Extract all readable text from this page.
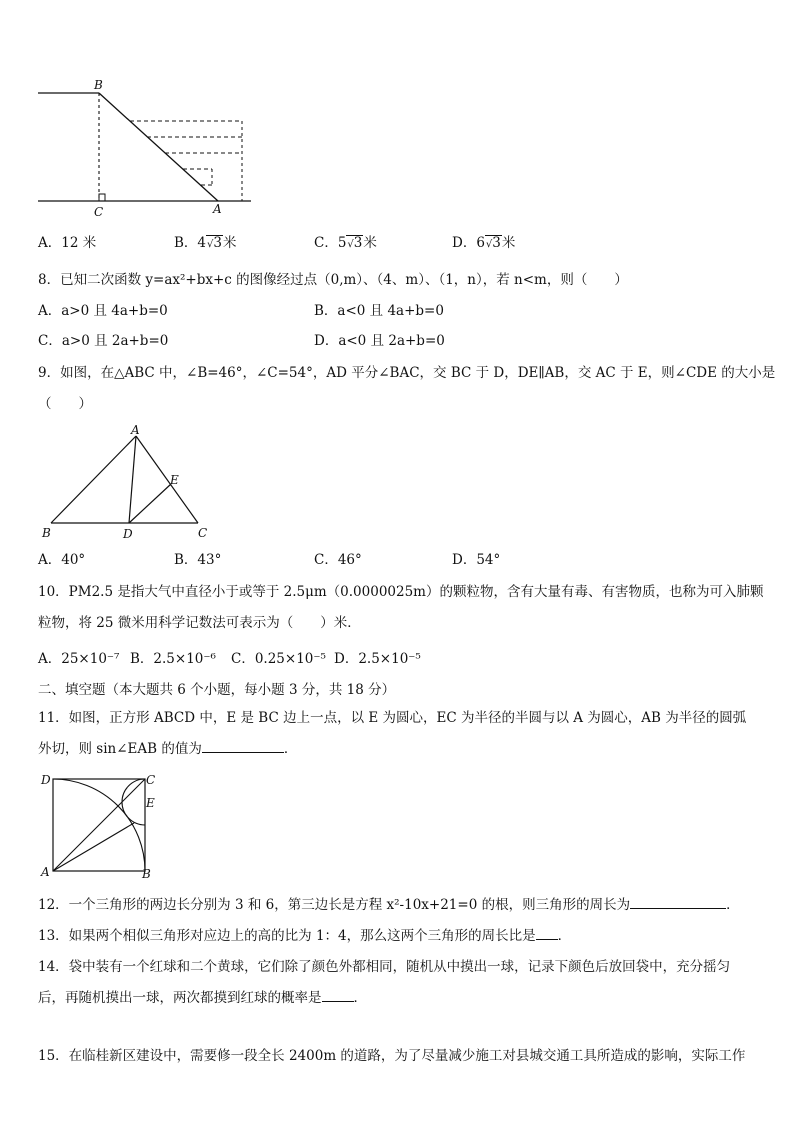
B
C	A
A．12 米	B．4√3米	C．5√3米	D．6√3米
8．已知二次函数 y=ax²+bx+c 的图像经过点（0,m）、（4、m）、（1，n），若 n<m，则（　　）
A．a>0 且 4a+b=0	B．a<0 且 4a+b=0
C．a>0 且 2a+b=0	D．a<0 且 2a+b=0
9．如图，在△ABC 中，∠B=46°，∠C=54°，AD 平分∠BAC，交 BC 于 D，DE∥AB，交 AC 于 E，则∠CDE 的大小是
（　　）
A
B	C
D
E
A．40°	B．43°	C．46°	D．54°
10．PM2.5 是指大气中直径小于或等于 2.5μm（0.0000025m）的颗粒物，含有大量有毒、有害物质，也称为可入肺颗
粒物，将 25 微米用科学记数法可表示为（　　）米．
A．25×10⁻⁷ B．2.5×10⁻⁶ C．0.25×10⁻⁵ D．2.5×10⁻⁵
二、填空题（本大题共 6 个小题，每小题 3 分，共 18 分）
11．如图，正方形 ABCD 中，E 是 BC 边上一点，以 E 为圆心，EC 为半径的半圆与以 A 为圆心，AB 为半径的圆弧
外切，则 sin∠EAB 的值为	．
D	C
E
A	B
12．一个三角形的两边长分别为 3 和 6，第三边长是方程 x²-10x+21=0 的根，则三角形的周长为	．
13．如果两个相似三角形对应边上的高的比为 1：4，那么这两个三角形的周长比是 ．
14．袋中装有一个红球和二个黄球，它们除了颜色外都相同，随机从中摸出一球，记录下颜色后放回袋中，充分摇匀
后，再随机摸出一球，两次都摸到红球的概率是 ．
15．在临桂新区建设中，需要修一段全长 2400m 的道路，为了尽量减少施工对县城交通工具所造成的影响，实际工作
